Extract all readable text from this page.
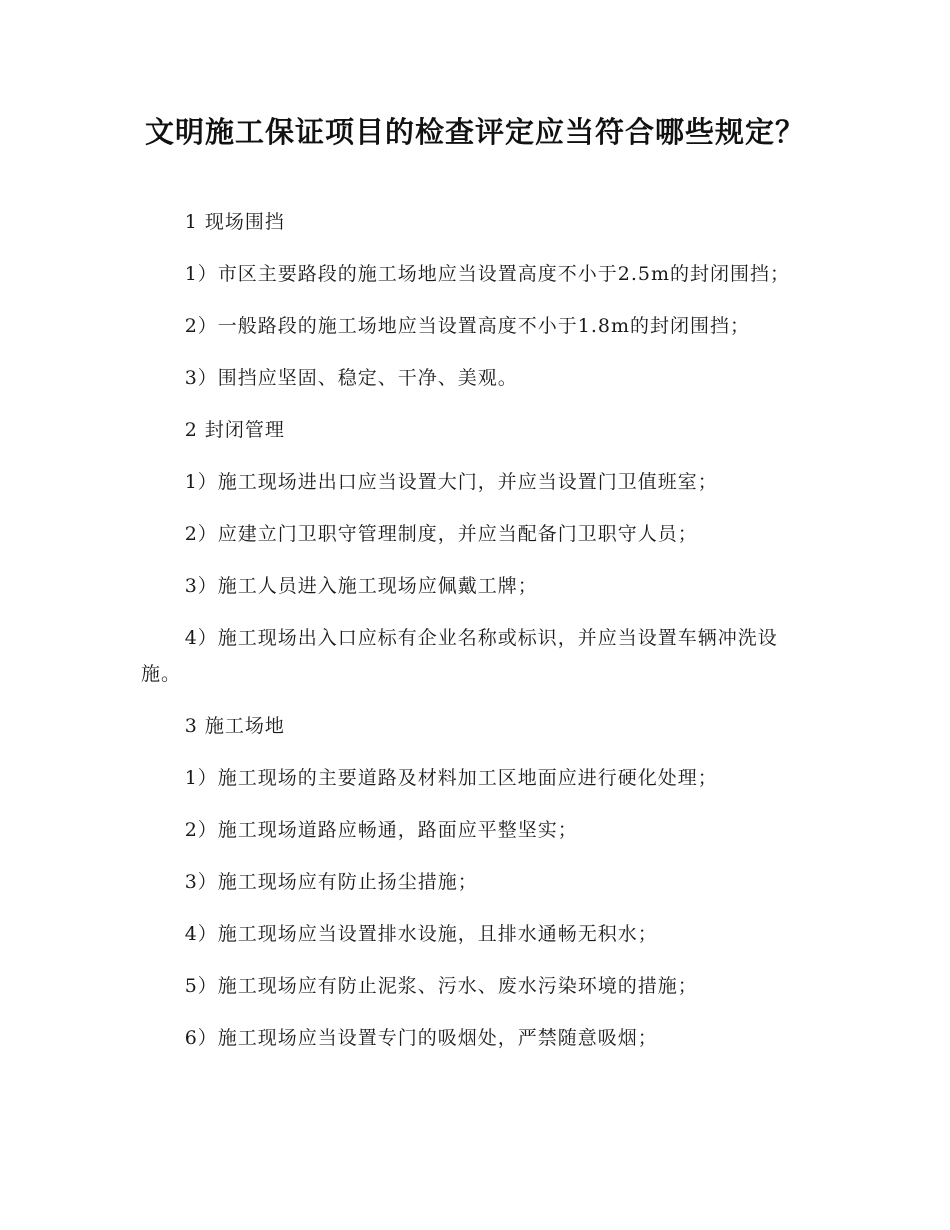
文明施工保证项目的检查评定应当符合哪些规定？

1 现场围挡

1）市区主要路段的施工场地应当设置高度不小于2.5m的封闭围挡；

2）一般路段的施工场地应当设置高度不小于1.8m的封闭围挡；

3）围挡应坚固、稳定、干净、美观。

2 封闭管理

1）施工现场进出口应当设置大门，并应当设置门卫值班室；

2）应建立门卫职守管理制度，并应当配备门卫职守人员；

3）施工人员进入施工现场应佩戴工牌；

4）施工现场出入口应标有企业名称或标识，并应当设置车辆冲洗设施。

3 施工场地

1）施工现场的主要道路及材料加工区地面应进行硬化处理；

2）施工现场道路应畅通，路面应平整坚实；

3）施工现场应有防止扬尘措施；

4）施工现场应当设置排水设施，且排水通畅无积水；

5）施工现场应有防止泥浆、污水、废水污染环境的措施；

6）施工现场应当设置专门的吸烟处，严禁随意吸烟；
